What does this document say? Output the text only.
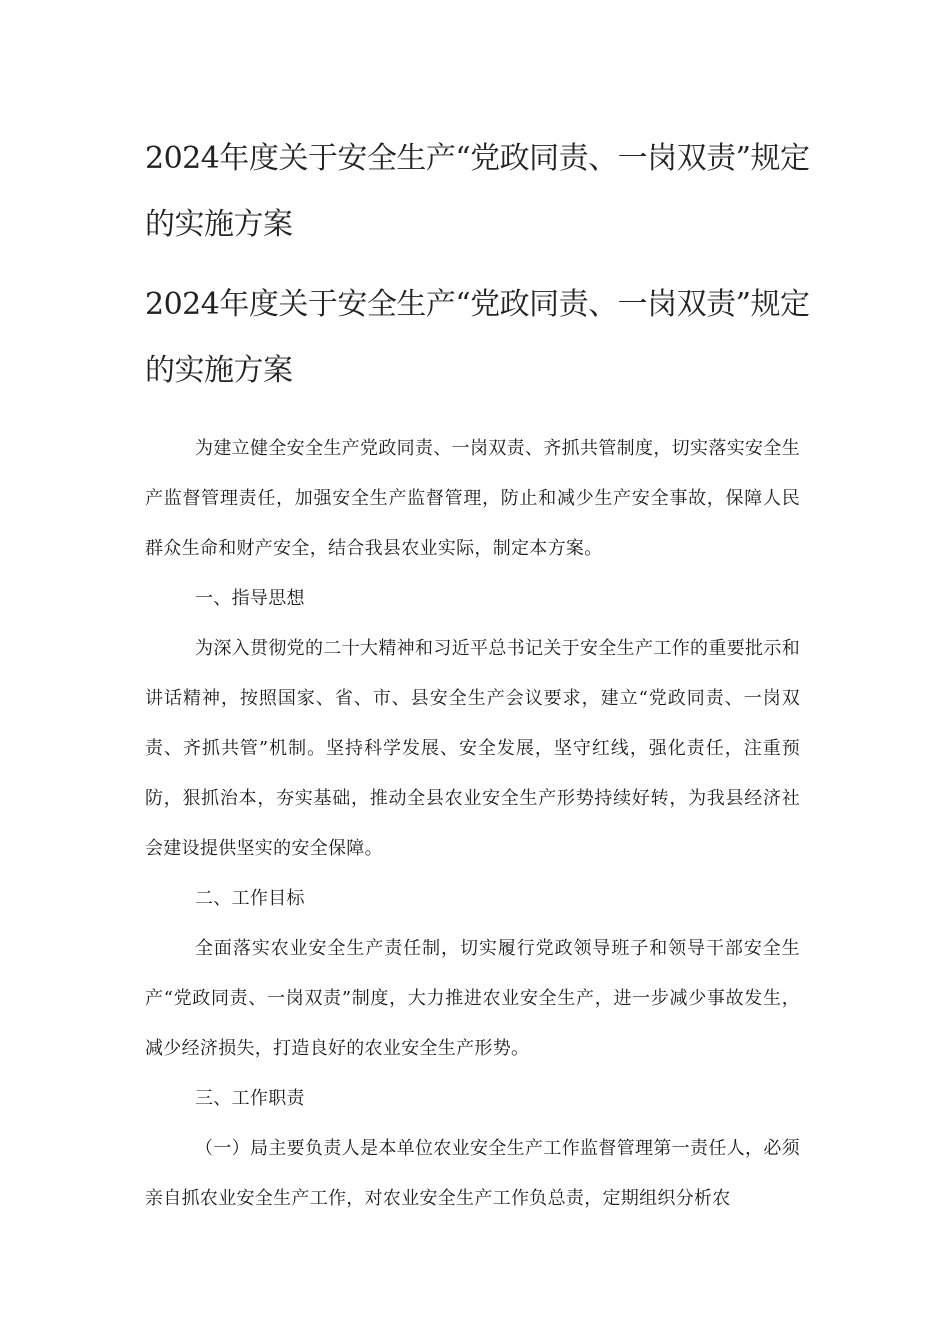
2024年度关于安全生产“党政同责、一岗双责”规定的实施方案
2024年度关于安全生产“党政同责、一岗双责”规定的实施方案

为建立健全安全生产党政同责、一岗双责、齐抓共管制度，切实落实安全生产监督管理责任，加强安全生产监督管理，防止和减少生产安全事故，保障人民群众生命和财产安全，结合我县农业实际，制定本方案。

一、指导思想

为深入贯彻党的二十大精神和习近平总书记关于安全生产工作的重要批示和讲话精神，按照国家、省、市、县安全生产会议要求，建立“党政同责、一岗双责、齐抓共管”机制。坚持科学发展、安全发展，坚守红线，强化责任，注重预防，狠抓治本，夯实基础，推动全县农业安全生产形势持续好转，为我县经济社会建设提供坚实的安全保障。

二、工作目标

全面落实农业安全生产责任制，切实履行党政领导班子和领导干部安全生产“党政同责、一岗双责”制度，大力推进农业安全生产，进一步减少事故发生，减少经济损失，打造良好的农业安全生产形势。

三、工作职责

（一）局主要负责人是本单位农业安全生产工作监督管理第一责任人，必须亲自抓农业安全生产工作，对农业安全生产工作负总责，定期组织分析农
